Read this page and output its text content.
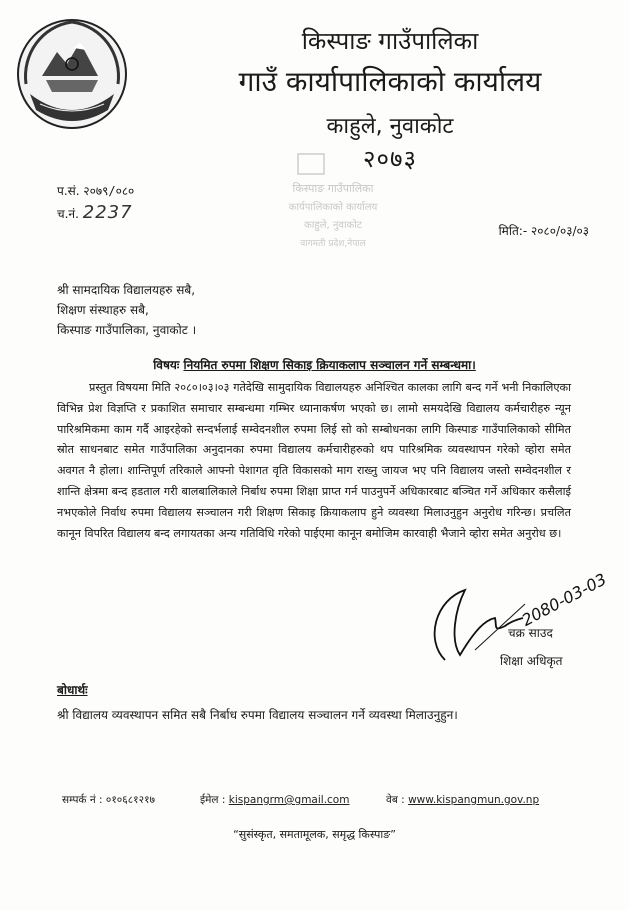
किस्पाङ गाउँपालिका
गाउँ कार्यापालिकाको कार्यालय
काहुले, नुवाकोट
२०७३
किस्पाङ गाउँपालिका
कार्यपालिकाको कार्यालय
काहुले, नुवाकोट
वागमती प्रदेश,नेपाल
प.सं. २०७९/०८०
च.नं. 2237
मिति:- २०८०/०३/०३
श्री सामदायिक विद्यालयहरु सबै,
शिक्षण संस्थाहरु सबै,
किस्पाङ गाउँपालिका, नुवाकोट ।
विषयः नियमित रुपमा शिक्षण सिकाइ क्रियाकलाप सञ्चालन गर्ने सम्बन्धमा।
प्रस्तुत विषयमा मिति २०८०।०३।०३ गतेदेखि सामुदायिक विद्यालयहरु अनिश्चित कालका लागि बन्द गर्ने भनी निकालिएका विभिन्न प्रेश विज्ञप्ति र प्रकाशित समाचार सम्बन्धमा गम्भिर ध्यानाकर्षण भएको छ। लामो समयदेखि विद्यालय कर्मचारीहरु न्यून पारिश्रमिकमा काम गर्दै आइरहेको सन्दर्भलाई सम्वेदनशील रुपमा लिई सो को सम्बोधनका लागि किस्पाङ गाउँपालिकाको सीमित स्रोत साधनबाट समेत गाउँपालिका अनुदानका रुपमा विद्यालय कर्मचारीहरुको थप पारिश्रमिक व्यवस्थापन गरेको व्होरा समेत अवगत नै होला। शान्तिपूर्ण तरिकाले आफ्नो पेशागत वृति विकासको माग राख्नु जायज भए पनि विद्यालय जस्तो सम्वेदनशील र शान्ति क्षेत्रमा बन्द हडताल गरी बालबालिकाले निर्बाध रुपमा शिक्षा प्राप्त गर्न पाउनुपर्ने अधिकारबाट बञ्चित गर्ने अधिकार कसैलाई नभएकोले निर्वाध रुपमा विद्यालय सञ्चालन गरी शिक्षण सिकाइ क्रियाकलाप हुने व्यवस्था मिलाउनुहुन अनुरोध गरिन्छ। प्रचलित कानून विपरित विद्यालय बन्द लगायतका अन्य गतिविधि गरेको पाईएमा कानून बमोजिम कारवाही भैजाने व्होरा समेत अनुरोध छ।
2080-03-03
चक्र साउद
शिक्षा अधिकृत
बोधार्थः
श्री विद्यालय व्यवस्थापन समित सबै निर्बाध रुपमा विद्यालय सञ्चालन गर्ने व्यवस्था मिलाउनुहुन।
सम्पर्क नं : ०१०६८१२१७	ईमेल : kispangrm@gmail.com	वेब : www.kispangmun.gov.np
“सुसंस्कृत, समतामूलक, समृद्ध किस्पाङ”
